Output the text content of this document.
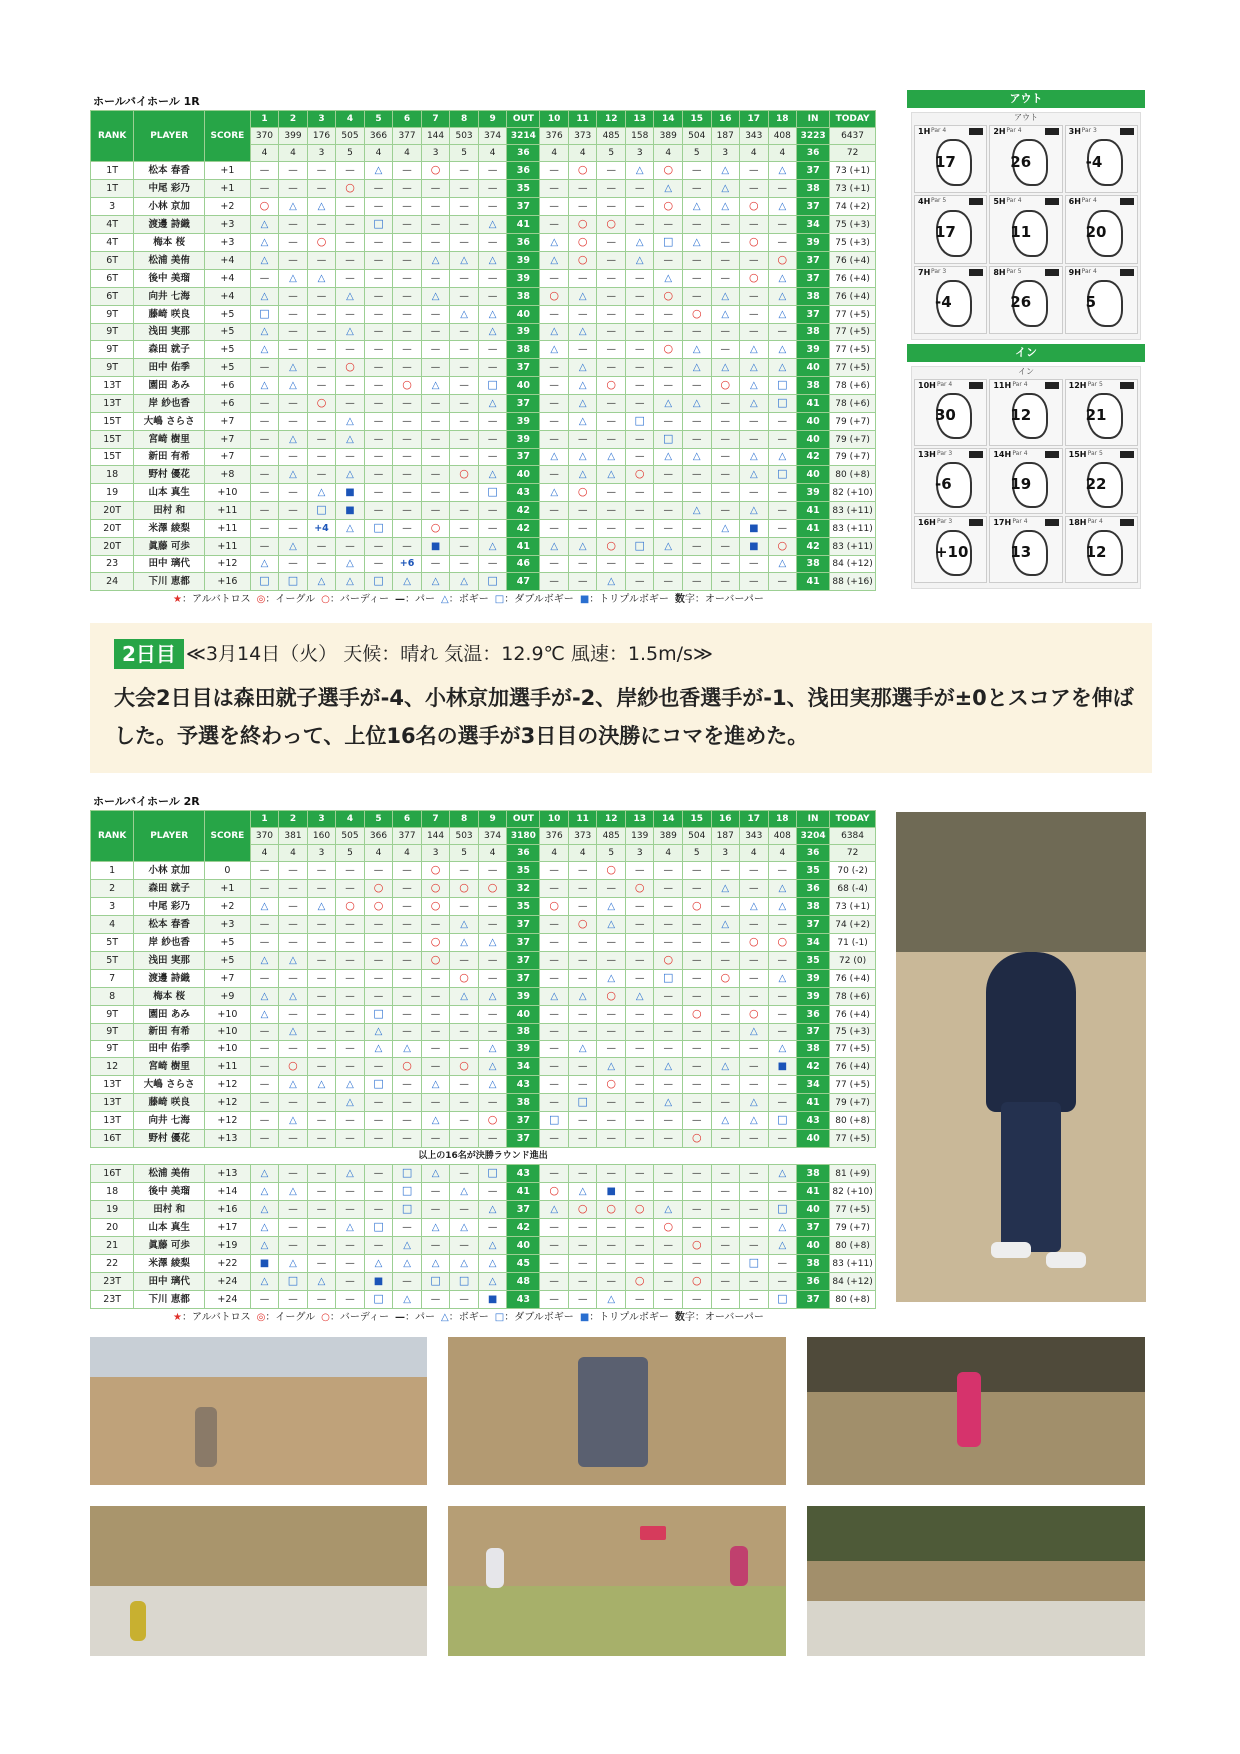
ホールバイホール 1R
RANK	PLAYER	SCORE	1	2	3	4	5	6	7	8	9	OUT	10	11	12	13	14	15	16	17	18	IN	TODAY
			370	399	176	505	366	377	144	503	374	3214	376	373	485	158	389	504	187	343	408	3223	6437
			4	4	3	5	4	4	3	5	4	36	4	4	5	3	4	5	3	4	4	36	72
1T	松本 春香	+1	—	—	—	—	△	—	○	—	—	36	—	○	—	△	○	—	△	—	△	37	73 (+1)
1T	中尾 彩乃	+1	—	—	—	○	—	—	—	—	—	35	—	—	—	—	△	—	△	—	—	38	73 (+1)
3	小林 京加	+2	○	△	△	—	—	—	—	—	—	37	—	—	—	—	○	△	△	○	△	37	74 (+2)
4T	渡邊 詩織	+3	△	—	—	—	□	—	—	—	△	41	—	○	○	—	—	—	—	—	—	34	75 (+3)
4T	梅本 桜	+3	△	—	○	—	—	—	—	—	—	36	△	○	—	△	□	△	—	○	—	39	75 (+3)
6T	松浦 美侑	+4	△	—	—	—	—	—	△	△	△	39	△	○	—	△	—	—	—	—	○	37	76 (+4)
6T	後中 美瑠	+4	—	△	△	—	—	—	—	—	—	39	—	—	—	—	△	—	—	○	△	37	76 (+4)
6T	向井 七海	+4	△	—	—	△	—	—	△	—	—	38	○	△	—	—	○	—	△	—	△	38	76 (+4)
9T	藤崎 咲良	+5	□	—	—	—	—	—	—	△	△	40	—	—	—	—	—	○	△	—	△	37	77 (+5)
9T	浅田 実那	+5	△	—	—	△	—	—	—	—	△	39	△	△	—	—	—	—	—	—	—	38	77 (+5)
9T	森田 就子	+5	△	—	—	—	—	—	—	—	—	38	△	—	—	—	○	△	—	△	△	39	77 (+5)
9T	田中 佑季	+5	—	△	—	○	—	—	—	—	—	37	—	△	—	—	—	△	△	△	△	40	77 (+5)
13T	園田 あみ	+6	△	△	—	—	—	○	△	—	□	40	—	△	○	—	—	—	○	△	□	38	78 (+6)
13T	岸 紗也香	+6	—	—	○	—	—	—	—	—	△	37	—	△	—	—	△	△	—	△	□	41	78 (+6)
15T	大嶋 さらさ	+7	—	—	—	△	—	—	—	—	—	39	—	△	—	□	—	—	—	—	—	40	79 (+7)
15T	宮崎 樹里	+7	—	△	—	△	—	—	—	—	—	39	—	—	—	—	□	—	—	—	—	40	79 (+7)
15T	新田 有希	+7	—	—	—	—	—	—	—	—	—	37	△	△	△	—	△	△	—	△	△	42	79 (+7)
18	野村 優花	+8	—	△	—	△	—	—	—	○	△	40	—	△	△	○	—	—	—	△	□	40	80 (+8)
19	山本 真生	+10	—	—	△	■	—	—	—	—	□	43	△	○	—	—	—	—	—	—	—	39	82 (+10)
20T	田村 和	+11	—	—	□	■	—	—	—	—	—	42	—	—	—	—	—	△	—	△	—	41	83 (+11)
20T	米澤 綾梨	+11	—	—	+4	△	□	—	○	—	—	42	—	—	—	—	—	—	△	■	—	41	83 (+11)
20T	眞藤 可歩	+11	—	△	—	—	—	—	■	—	△	41	△	△	○	□	△	—	—	■	○	42	83 (+11)
23	田中 璃代	+12	△	—	—	△	—	+6	—	—	—	46	—	—	—	—	—	—	—	—	△	38	84 (+12)
24	下川 恵都	+16	□	□	△	△	□	△	△	△	□	47	—	—	△	—	—	—	—	—	—	41	88 (+16)
★：アルバトロス ◎：イーグル ○：バーディー —：パー △：ボギー □：ダブルボギー ■：トリプルボギー 数字：オーバーパー
アウト
アウト
1H Par 4
17
2H Par 4
26
3H Par 3
-4
4H Par 5
17
5H Par 4
11
6H Par 4
20
7H Par 3
-4
8H Par 5
26
9H Par 4
5
イン
イン
10H Par 4
30
11H Par 4
12
12H Par 5
21
13H Par 3
-6
14H Par 4
19
15H Par 5
22
16H Par 3
+10
17H Par 4
13
18H Par 4
12
2日目 ≪3月14日（火） 天候：晴れ 気温：12.9℃ 風速：1.5m/s≫
大会2日目は森田就子選手が-4、小林京加選手が-2、岸紗也香選手が-1、浅田実那選手が±0とスコアを伸ばした。予選を終わって、上位16名の選手が3日目の決勝にコマを進めた。
ホールバイホール 2R
RANK	PLAYER	SCORE	1	2	3	4	5	6	7	8	9	OUT	10	11	12	13	14	15	16	17	18	IN	TODAY
			370	381	160	505	366	377	144	503	374	3180	376	373	485	139	389	504	187	343	408	3204	6384
			4	4	3	5	4	4	3	5	4	36	4	4	5	3	4	5	3	4	4	36	72
1	小林 京加	0	—	—	—	—	—	—	○	—	—	35	—	—	○	—	—	—	—	—	—	35	70 (-2)
2	森田 就子	+1	—	—	—	—	○	—	○	○	○	32	—	—	—	○	—	—	△	—	△	36	68 (-4)
3	中尾 彩乃	+2	△	—	△	○	○	—	○	—	—	35	○	—	△	—	—	○	—	△	△	38	73 (+1)
4	松本 春香	+3	—	—	—	—	—	—	—	△	—	37	—	○	△	—	—	—	△	—	—	37	74 (+2)
5T	岸 紗也香	+5	—	—	—	—	—	—	○	△	△	37	—	—	—	—	—	—	—	○	○	34	71 (-1)
5T	浅田 実那	+5	△	△	—	—	—	—	○	—	—	37	—	—	—	—	○	—	—	—	—	35	72 (0)
7	渡邊 詩織	+7	—	—	—	—	—	—	—	○	—	37	—	—	△	—	□	—	○	—	△	39	76 (+4)
8	梅本 桜	+9	△	△	—	—	—	—	—	△	△	39	△	△	○	△	—	—	—	—	—	39	78 (+6)
9T	園田 あみ	+10	△	—	—	—	□	—	—	—	—	40	—	—	—	—	—	○	—	○	—	36	76 (+4)
9T	新田 有希	+10	—	△	—	—	△	—	—	—	—	38	—	—	—	—	—	—	—	△	—	37	75 (+3)
9T	田中 佑季	+10	—	—	—	—	△	△	—	—	△	39	—	△	—	—	—	—	—	—	△	38	77 (+5)
12	宮崎 樹里	+11	—	○	—	—	—	○	—	○	△	34	—	—	△	—	△	—	△	—	■	42	76 (+4)
13T	大嶋 さらさ	+12	—	△	△	△	□	—	△	—	△	43	—	—	○	—	—	—	—	—	—	34	77 (+5)
13T	藤崎 咲良	+12	—	—	—	△	—	—	—	—	—	38	—	□	—	—	△	—	—	△	—	41	79 (+7)
13T	向井 七海	+12	—	△	—	—	—	—	△	—	○	37	□	—	—	—	—	—	△	△	□	43	80 (+8)
16T	野村 優花	+13	—	—	—	—	—	—	—	—	—	37	—	—	—	—	—	○	—	—	—	40	77 (+5)
以上の16名が決勝ラウンド進出																							
16T	松浦 美侑	+13	△	—	—	△	—	□	△	—	□	43	—	—	—	—	—	—	—	—	△	38	81 (+9)
18	後中 美瑠	+14	△	△	—	—	—	□	—	△	—	41	○	△	■	—	—	—	—	—	—	41	82 (+10)
19	田村 和	+16	△	—	—	—	—	□	—	—	△	37	△	○	○	○	△	—	—	—	□	40	77 (+5)
20	山本 真生	+17	△	—	—	△	□	—	△	△	—	42	—	—	—	—	○	—	—	—	△	37	79 (+7)
21	眞藤 可歩	+19	△	—	—	—	—	△	—	—	△	40	—	—	—	—	—	○	—	—	△	40	80 (+8)
22	米澤 綾梨	+22	■	△	—	—	△	△	△	△	△	45	—	—	—	—	—	—	—	□	—	38	83 (+11)
23T	田中 璃代	+24	△	□	△	—	■	—	□	□	△	48	—	—	—	○	—	○	—	—	—	36	84 (+12)
23T	下川 恵都	+24	—	—	—	—	□	△	—	—	■	43	—	—	△	—	—	—	—	—	□	37	80 (+8)
★：アルバトロス ◎：イーグル ○：バーディー —：パー △：ボギー □：ダブルボギー ■：トリプルボギー 数字：オーバーパー
